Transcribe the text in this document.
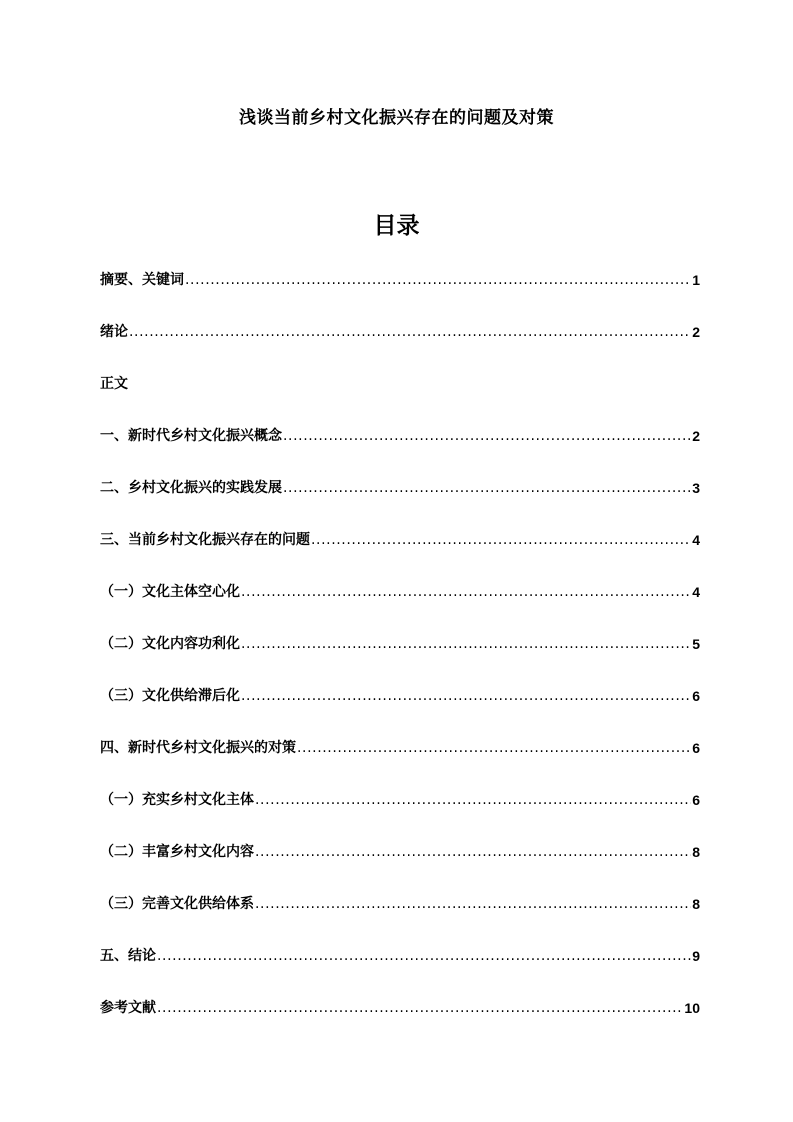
浅谈当前乡村文化振兴存在的问题及对策
目录
摘要、关键词 .....	1
绪论 .....	2
正文
一、新时代乡村文化振兴概念 .....	2
二、乡村文化振兴的实践发展 .....	3
三、当前乡村文化振兴存在的问题 .....	4
（一）文化主体空心化 .....	4
（二）文化内容功利化 .....	5
（三）文化供给滞后化 .....	6
四、新时代乡村文化振兴的对策 .....	6
（一）充实乡村文化主体 .....	6
（二）丰富乡村文化内容 .....	8
（三）完善文化供给体系 .....	8
五、结论 .....	9
参考文献 .....	10
